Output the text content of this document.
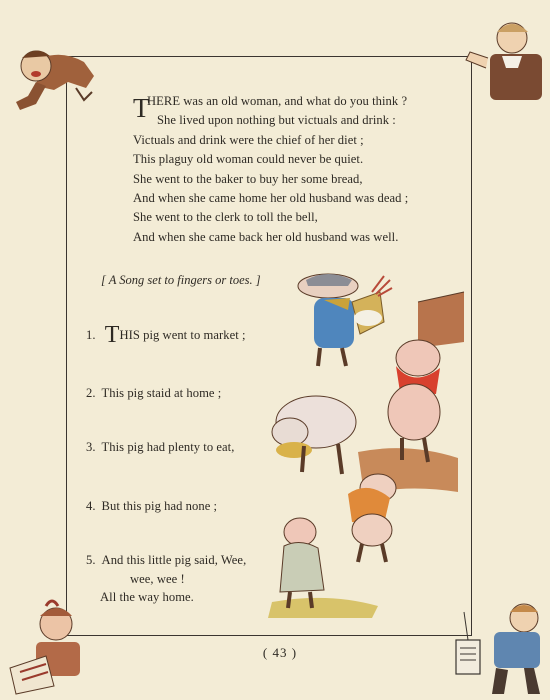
T
HERE was an old woman, and what do you think ?
She lived upon nothing but victuals and drink :
Victuals and drink were the chief of her diet ;
This plaguy old woman could never be quiet.
She went to the baker to buy her some bread,
And when she came home her old husband was dead ;
She went to the clerk to toll the bell,
And when she came back her old husband was well.
[ A Song set to fingers or toes. ]
1. THIS pig went to market ;
2. This pig staid at home ;
3. This pig had plenty to eat,
4. But this pig had none ;
5. And this little pig said, Wee,
wee, wee !
All the way home.
( 43 )
